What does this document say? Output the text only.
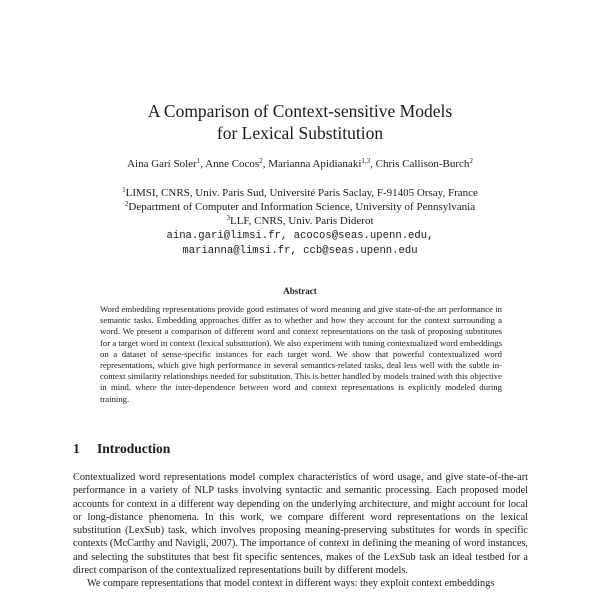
A Comparison of Context-sensitive Models
for Lexical Substitution
Aina Garí Soler$^1$, Anne Cocos$^2$, Marianna Apidianaki$^{1,3}$, Chris Callison-Burch$^2$
$^1$LIMSI, CNRS, Univ. Paris Sud, Université Paris Saclay, F-91405 Orsay, France
$^2$Department of Computer and Information Science, University of Pennsylvania
$^3$LLF, CNRS, Univ. Paris Diderot
aina.gari@limsi.fr, acocos@seas.upenn.edu,
marianna@limsi.fr, ccb@seas.upenn.edu
Abstract

Word embedding representations provide good estimates of word meaning and give state-of-the art performance in semantic tasks. Embedding approaches differ as to whether and how they account for the context surrounding a word. We present a comparison of different word and context representations on the task of proposing substitutes for a target word in context (lexical substitution). We also experiment with tuning contextualized word embeddings on a dataset of sense-specific instances for each target word. We show that powerful contextualized word representations, which give high performance in several semantics-related tasks, deal less well with the subtle in-context similarity relationships needed for substitution. This is better handled by models trained with this objective in mind, where the inter-dependence between word and context representations is explicitly modeled during training.

1 Introduction

Contextualized word representations model complex characteristics of word usage, and give state-of-the-art performance in a variety of NLP tasks involving syntactic and semantic processing. Each proposed model accounts for context in a different way depending on the underlying architecture, and might account for local or long-distance phenomena. In this work, we compare different word representations on the lexical substitution (LexSub) task, which involves proposing meaning-preserving substitutes for words in specific contexts (McCarthy and Navigli, 2007). The importance of context in defining the meaning of word instances, and selecting the substitutes that best fit specific sentences, makes of the LexSub task an ideal testbed for a direct comparison of the contextualized representations built by different models.

We compare representations that model context in different ways: they exploit context embeddings
